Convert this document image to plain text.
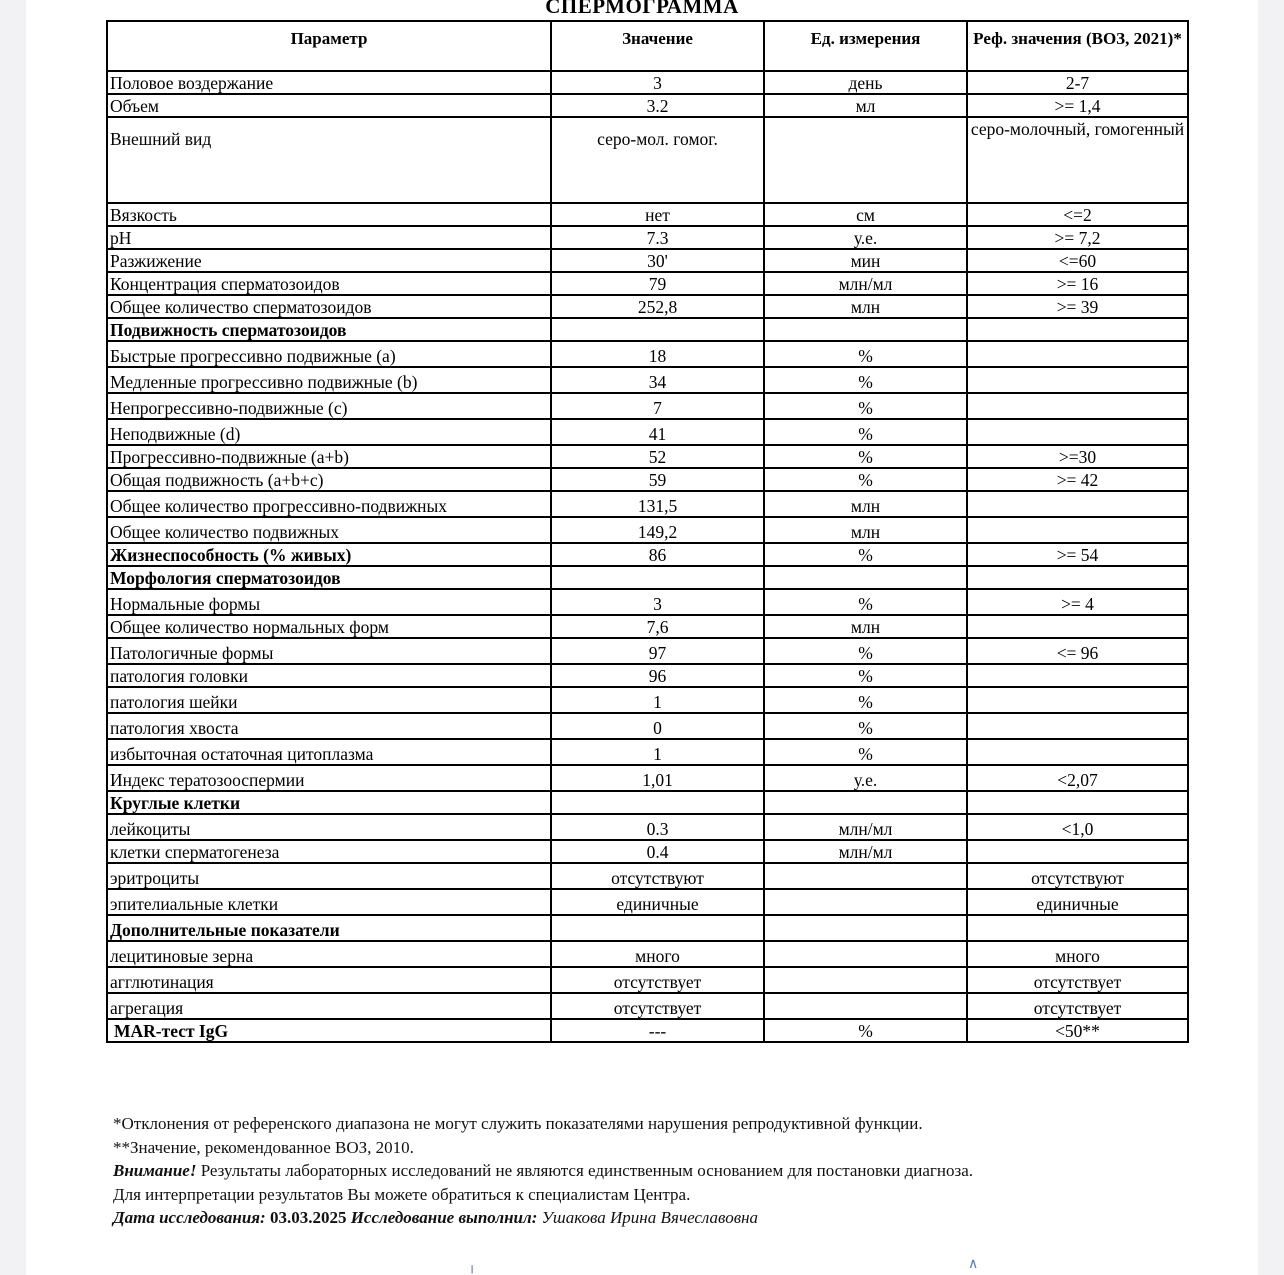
СПЕРМОГРАММА
Параметр	Значение	Ед. измерения	Реф. значения (ВОЗ, 2021)*
Половое воздержание	3	день	2-7
Объем	3.2	мл	>= 1,4
Внешний вид	серо-мол. гомог.		серо-молочный, гомогенный
Вязкость	нет	см	<=2
pH	7.3	у.е.	>= 7,2
Разжижение	30'	мин	<=60
Концентрация сперматозоидов	79	млн/мл	>= 16
Общее количество сперматозоидов	252,8	млн	>= 39
Подвижность сперматозоидов			
Быстрые прогрессивно подвижные (a)	18	%	
Медленные прогрессивно подвижные (b)	34	%	
Непрогрессивно-подвижные (c)	7	%	
Неподвижные (d)	41	%	
Прогрессивно-подвижные (a+b)	52	%	>=30
Общая подвижность (a+b+c)	59	%	>= 42
Общее количество прогрессивно-подвижных	131,5	млн	
Общее количество подвижных	149,2	млн	
Жизнеспособность (% живых)	86	%	>= 54
Морфология сперматозоидов			
Нормальные формы	3	%	>= 4
Общее количество нормальных форм	7,6	млн	
Патологичные формы	97	%	<= 96
патология головки	96	%	
патология шейки	1	%	
патология хвоста	0	%	
избыточная остаточная цитоплазма	1	%	
Индекс тератозооспермии	1,01	у.е.	<2,07
Круглые клетки			
лейкоциты	0.3	млн/мл	<1,0
клетки сперматогенеза	0.4	млн/мл	
эритроциты	отсутствуют		отсутствуют
эпителиальные клетки	единичные		единичные
Дополнительные показатели			
лецитиновые зерна	много		много
агглютинация	отсутствует		отсутствует
агрегация	отсутствует		отсутствует
MAR-тест IgG	---	%	<50**
*Отклонения от референского диапазона не могут служить показателями нарушения репродуктивной функции.
**Значение, рекомендованное ВОЗ, 2010.
Внимание! Результаты лабораторных исследований не являются единственным основанием для постановки диагноза.
Для интерпретации результатов Вы можете обратиться к специалистам Центра.
Дата исследования: 03.03.2025 Исследование выполнил: Ушакова Ирина Вячеславовна
╷	∧
